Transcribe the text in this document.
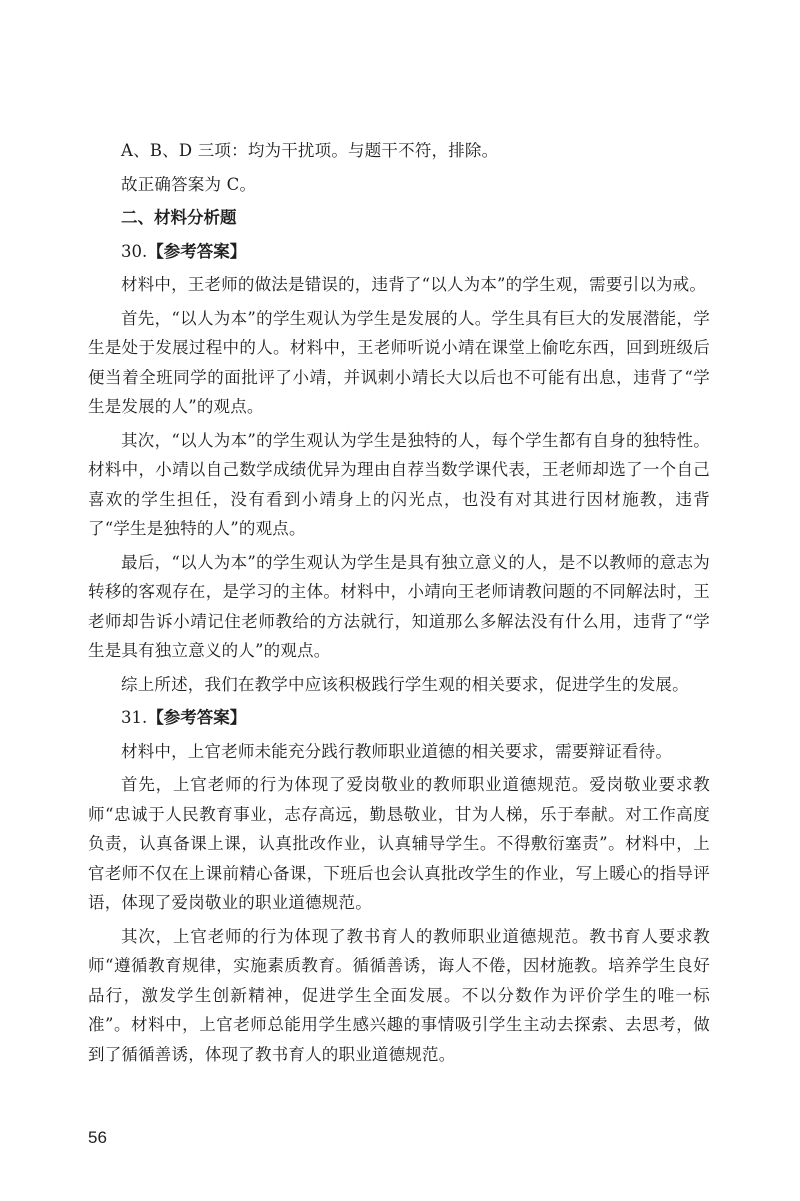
A、B、D 三项：均为干扰项。与题干不符，排除。

故正确答案为 C。

二、材料分析题

30.【参考答案】

材料中，王老师的做法是错误的，违背了“以人为本”的学生观，需要引以为戒。

首先，“以人为本”的学生观认为学生是发展的人。学生具有巨大的发展潜能，学生是处于发展过程中的人。材料中，王老师听说小靖在课堂上偷吃东西，回到班级后便当着全班同学的面批评了小靖，并讽刺小靖长大以后也不可能有出息，违背了“学生是发展的人”的观点。

其次，“以人为本”的学生观认为学生是独特的人，每个学生都有自身的独特性。材料中，小靖以自己数学成绩优异为理由自荐当数学课代表，王老师却选了一个自己喜欢的学生担任，没有看到小靖身上的闪光点，也没有对其进行因材施教，违背了“学生是独特的人”的观点。

最后，“以人为本”的学生观认为学生是具有独立意义的人，是不以教师的意志为转移的客观存在，是学习的主体。材料中，小靖向王老师请教问题的不同解法时，王老师却告诉小靖记住老师教给的方法就行，知道那么多解法没有什么用，违背了“学生是具有独立意义的人”的观点。

综上所述，我们在教学中应该积极践行学生观的相关要求，促进学生的发展。

31.【参考答案】

材料中，上官老师未能充分践行教师职业道德的相关要求，需要辩证看待。

首先，上官老师的行为体现了爱岗敬业的教师职业道德规范。爱岗敬业要求教师“忠诚于人民教育事业，志存高远，勤恳敬业，甘为人梯，乐于奉献。对工作高度负责，认真备课上课，认真批改作业，认真辅导学生。不得敷衍塞责”。材料中，上官老师不仅在上课前精心备课，下班后也会认真批改学生的作业，写上暖心的指导评语，体现了爱岗敬业的职业道德规范。

其次，上官老师的行为体现了教书育人的教师职业道德规范。教书育人要求教师“遵循教育规律，实施素质教育。循循善诱，诲人不倦，因材施教。培养学生良好品行，激发学生创新精神，促进学生全面发展。不以分数作为评价学生的唯一标准”。材料中，上官老师总能用学生感兴趣的事情吸引学生主动去探索、去思考，做到了循循善诱，体现了教书育人的职业道德规范。

56
